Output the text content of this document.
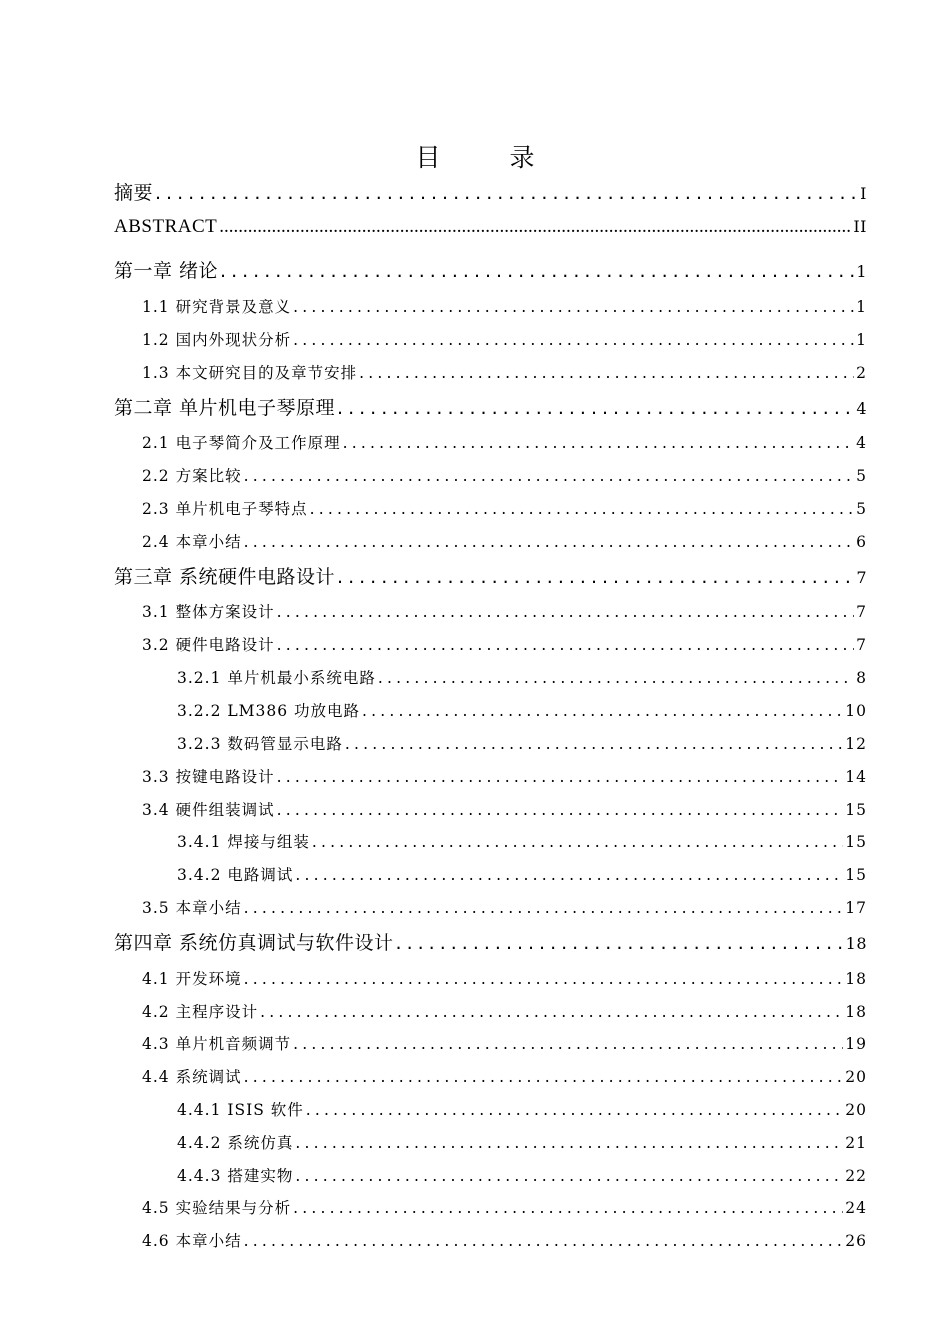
目　录
摘要 .....	I
ABSTRACT .....	II
第一章 绪论 .....	1
1.1 研究背景及意义 .....	1
1.2 国内外现状分析 .....	1
1.3 本文研究目的及章节安排 .....	2
第二章 单片机电子琴原理 .....	4
2.1 电子琴简介及工作原理 .....	4
2.2 方案比较 .....	5
2.3 单片机电子琴特点 .....	5
2.4 本章小结 .....	6
第三章 系统硬件电路设计 .....	7
3.1 整体方案设计 .....	7
3.2 硬件电路设计 .....	7
3.2.1 单片机最小系统电路 .....	8
3.2.2 LM386 功放电路 .....	10
3.2.3 数码管显示电路 .....	12
3.3 按键电路设计 .....	14
3.4 硬件组装调试 .....	15
3.4.1 焊接与组装 .....	15
3.4.2 电路调试 .....	15
3.5 本章小结 .....	17
第四章 系统仿真调试与软件设计 .....	18
4.1 开发环境 .....	18
4.2 主程序设计 .....	18
4.3 单片机音频调节 .....	19
4.4 系统调试 .....	20
4.4.1 ISIS 软件 .....	20
4.4.2 系统仿真 .....	21
4.4.3 搭建实物 .....	22
4.5 实验结果与分析 .....	24
4.6 本章小结 .....	26
